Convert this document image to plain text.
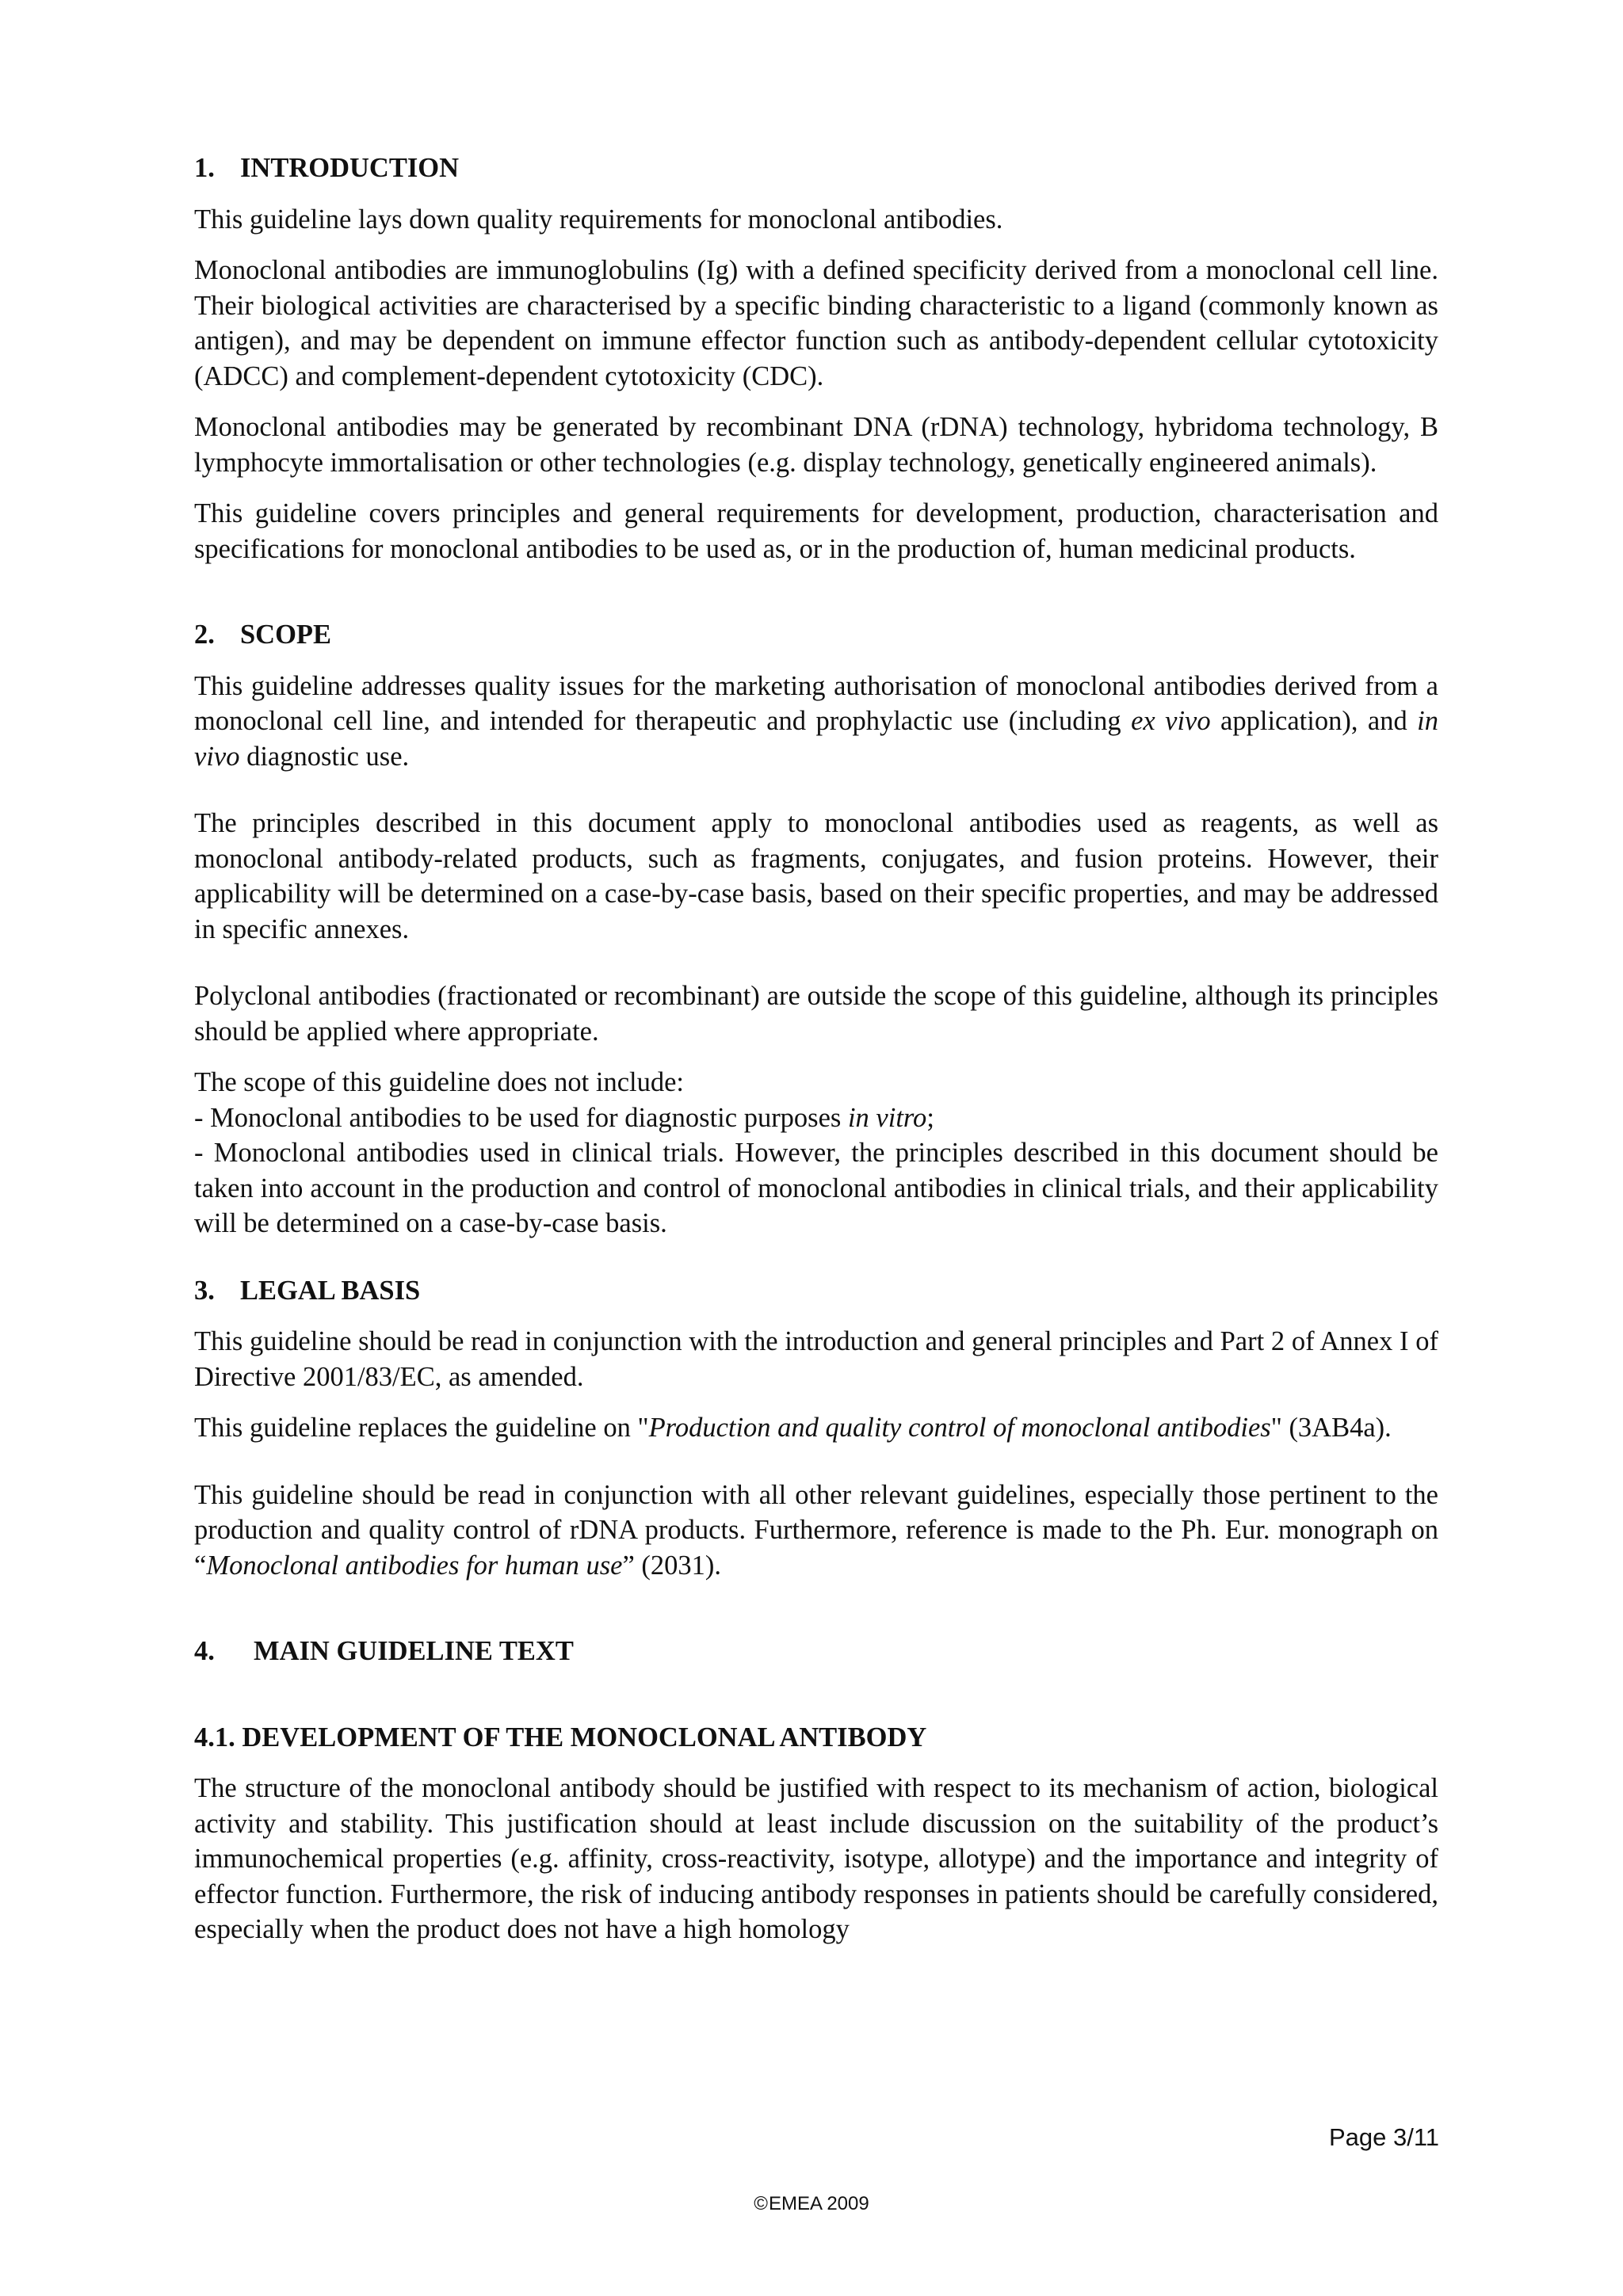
1. INTRODUCTION

This guideline lays down quality requirements for monoclonal antibodies.

Monoclonal antibodies are immunoglobulins (Ig) with a defined specificity derived from a monoclonal cell line. Their biological activities are characterised by a specific binding characteristic to a ligand (commonly known as antigen), and may be dependent on immune effector function such as antibody-dependent cellular cytotoxicity (ADCC) and complement-dependent cytotoxicity (CDC).

Monoclonal antibodies may be generated by recombinant DNA (rDNA) technology, hybridoma technology, B lymphocyte immortalisation or other technologies (e.g. display technology, genetically engineered animals).

This guideline covers principles and general requirements for development, production, characterisation and specifications for monoclonal antibodies to be used as, or in the production of, human medicinal products.

2. SCOPE

This guideline addresses quality issues for the marketing authorisation of monoclonal antibodies derived from a monoclonal cell line, and intended for therapeutic and prophylactic use (including ex vivo application), and in vivo diagnostic use.

The principles described in this document apply to monoclonal antibodies used as reagents, as well as monoclonal antibody-related products, such as fragments, conjugates, and fusion proteins. However, their applicability will be determined on a case-by-case basis, based on their specific properties, and may be addressed in specific annexes.

Polyclonal antibodies (fractionated or recombinant) are outside the scope of this guideline, although its principles should be applied where appropriate.

The scope of this guideline does not include:
- Monoclonal antibodies to be used for diagnostic purposes in vitro;
- Monoclonal antibodies used in clinical trials. However, the principles described in this document should be taken into account in the production and control of monoclonal antibodies in clinical trials, and their applicability will be determined on a case-by-case basis.

3. LEGAL BASIS

This guideline should be read in conjunction with the introduction and general principles and Part 2 of Annex I of Directive 2001/83/EC, as amended.

This guideline replaces the guideline on "Production and quality control of monoclonal antibodies" (3AB4a).

This guideline should be read in conjunction with all other relevant guidelines, especially those pertinent to the production and quality control of rDNA products. Furthermore, reference is made to the Ph. Eur. monograph on “Monoclonal antibodies for human use” (2031).

4. MAIN GUIDELINE TEXT
4.1. DEVELOPMENT OF THE MONOCLONAL ANTIBODY

The structure of the monoclonal antibody should be justified with respect to its mechanism of action, biological activity and stability. This justification should at least include discussion on the suitability of the product’s immunochemical properties (e.g. affinity, cross-reactivity, isotype, allotype) and the importance and integrity of effector function. Furthermore, the risk of inducing antibody responses in patients should be carefully considered, especially when the product does not have a high homology

Page 3/11
©EMEA 2009
